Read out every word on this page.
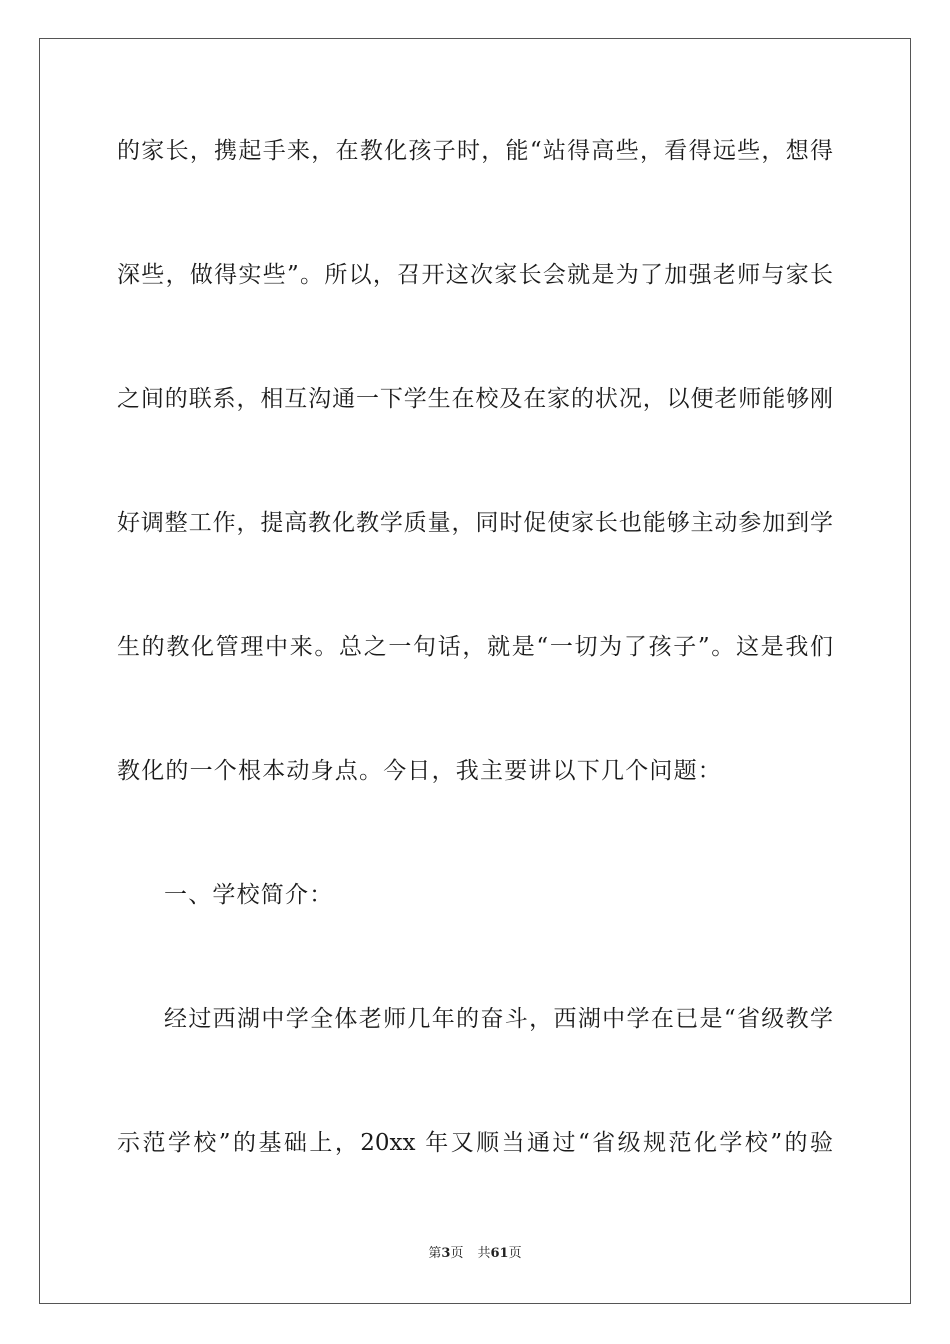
的家长，携起手来，在教化孩子时，能“站得高些，看得远些，想得
深些，做得实些”。所以，召开这次家长会就是为了加强老师与家长
之间的联系，相互沟通一下学生在校及在家的状况，以便老师能够刚
好调整工作，提高教化教学质量，同时促使家长也能够主动参加到学
生的教化管理中来。总之一句话，就是“一切为了孩子”。这是我们
教化的一个根本动身点。今日，我主要讲以下几个问题：
一、学校简介：
经过西湖中学全体老师几年的奋斗，西湖中学在已是“省级教学
示范学校”的基础上，20xx 年又顺当通过“省级规范化学校”的验
第3页 共61页
